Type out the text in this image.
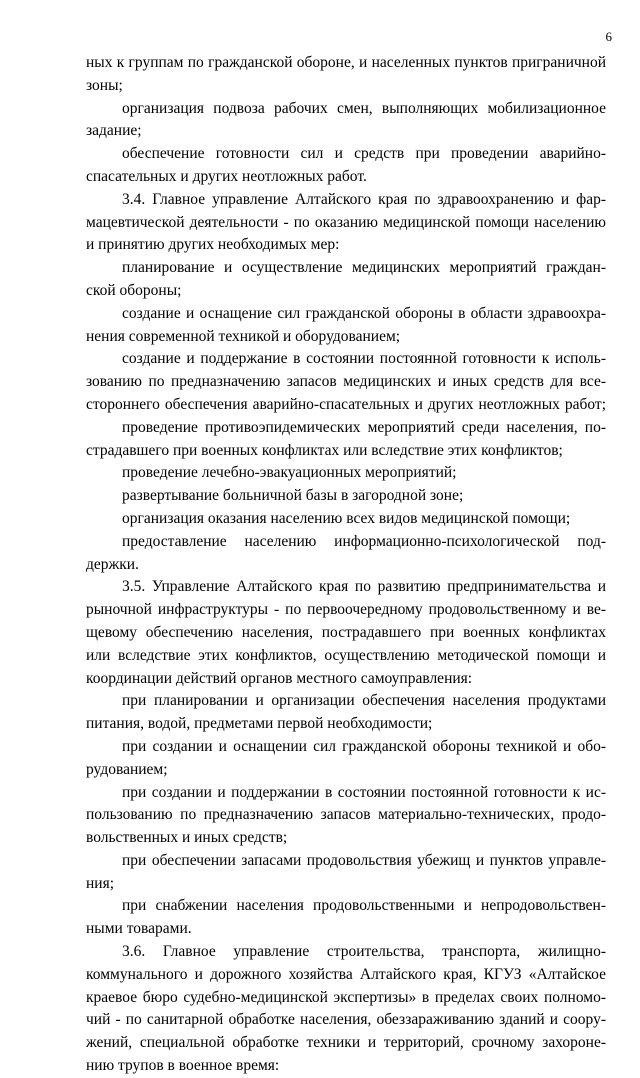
6
ных к группам по гражданской обороне, и населенных пунктов приграничной
зоны;
организация подвоза рабочих смен, выполняющих мобилизационное
задание;
обеспечение готовности сил и средств при проведении аварийно-
спасательных и других неотложных работ.
3.4. Главное управление Алтайского края по здравоохранению и фар-
мацевтической деятельности - по оказанию медицинской помощи населению
и принятию других необходимых мер:
планирование и осуществление медицинских мероприятий граждан-
ской обороны;
создание и оснащение сил гражданской обороны в области здравоохра-
нения современной техникой и оборудованием;
создание и поддержание в состоянии постоянной готовности к исполь-
зованию по предназначению запасов медицинских и иных средств для все-
стороннего обеспечения аварийно-спасательных и других неотложных работ;
проведение противоэпидемических мероприятий среди населения, по-
страдавшего при военных конфликтах или вследствие этих конфликтов;
проведение лечебно-эвакуационных мероприятий;
развертывание больничной базы в загородной зоне;
организация оказания населению всех видов медицинской помощи;
предоставление населению информационно-психологической под-
держки.
3.5. Управление Алтайского края по развитию предпринимательства и
рыночной инфраструктуры - по первоочередному продовольственному и ве-
щевому обеспечению населения, пострадавшего при военных конфликтах
или вследствие этих конфликтов, осуществлению методической помощи и
координации действий органов местного самоуправления:
при планировании и организации обеспечения населения продуктами
питания, водой, предметами первой необходимости;
при создании и оснащении сил гражданской обороны техникой и обо-
рудованием;
при создании и поддержании в состоянии постоянной готовности к ис-
пользованию по предназначению запасов материально-технических, продо-
вольственных и иных средств;
при обеспечении запасами продовольствия убежищ и пунктов управле-
ния;
при снабжении населения продовольственными и непродовольствен-
ными товарами.
3.6. Главное управление строительства, транспорта, жилищно-
коммунального и дорожного хозяйства Алтайского края, КГУЗ «Алтайское
краевое бюро судебно-медицинской экспертизы» в пределах своих полномо-
чий - по санитарной обработке населения, обеззараживанию зданий и соору-
жений, специальной обработке техники и территорий, срочному захороне-
нию трупов в военное время:
